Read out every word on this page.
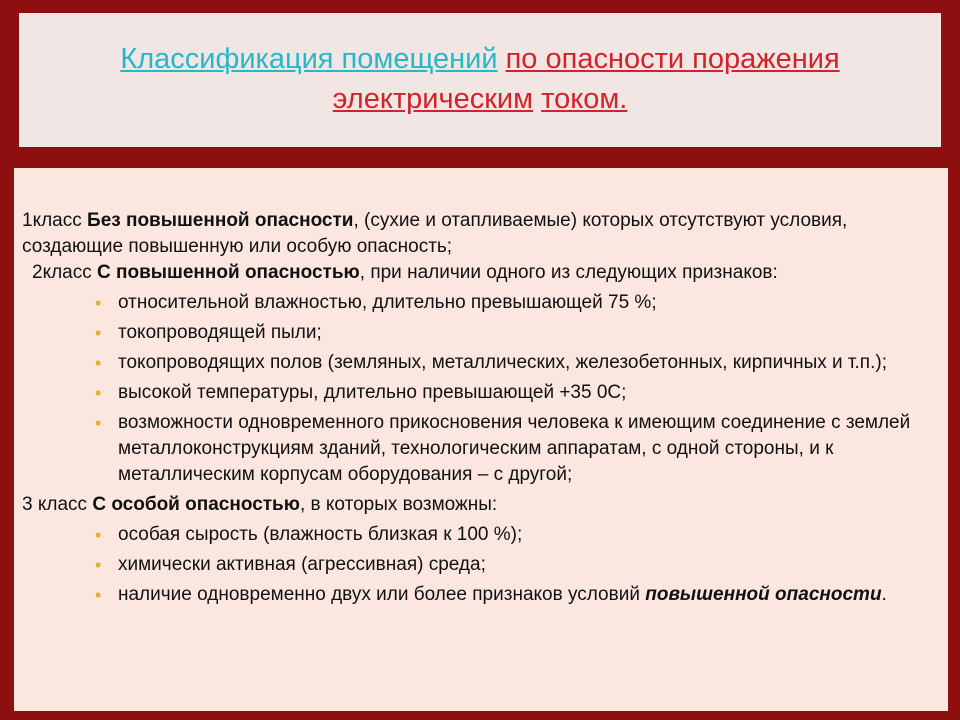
Классификация помещений по опасности поражения
электрическим током.

1класс Без повышенной опасности, (сухие и отапливаемые) которых отсутствуют условия, создающие повышенную или особую опасность;

2класс С повышенной опасностью, при наличии одного из следующих признаков:

• относительной влажностью, длительно превышающей 75 %;
• токопроводящей пыли;
• токопроводящих полов (земляных, металлических, железобетонных, кирпичных и т.п.);
• высокой температуры, длительно превышающей +35 0С;
• возможности одновременного прикосновения человека к имеющим соединение с землей металлоконструкциям зданий, технологическим аппаратам, с одной стороны, и к металлическим корпусам оборудования – с другой;

3 класс С особой опасностью, в которых возможны:

• особая сырость (влажность близкая к 100 %);
• химически активная (агрессивная) среда;
• наличие одновременно двух или более признаков условий повышенной опасности.
